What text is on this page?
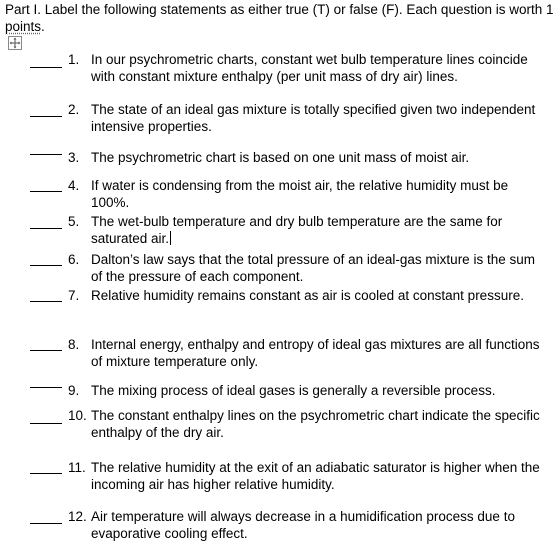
Part I. Label the following statements as either true (T) or false (F). Each question is worth 1 points.

1. In our psychrometric charts, constant wet bulb temperature lines coincide with constant mixture enthalpy (per unit mass of dry air) lines.
2. The state of an ideal gas mixture is totally specified given two independent intensive properties.
3. The psychrometric chart is based on one unit mass of moist air.
4. If water is condensing from the moist air, the relative humidity must be 100%.
5. The wet-bulb temperature and dry bulb temperature are the same for saturated air.
6. Dalton’s law says that the total pressure of an ideal-gas mixture is the sum of the pressure of each component.
7. Relative humidity remains constant as air is cooled at constant pressure.
8. Internal energy, enthalpy and entropy of ideal gas mixtures are all functions of mixture temperature only.
9. The mixing process of ideal gases is generally a reversible process.
10. The constant enthalpy lines on the psychrometric chart indicate the specific enthalpy of the dry air.
11. The relative humidity at the exit of an adiabatic saturator is higher when the incoming air has higher relative humidity.
12. Air temperature will always decrease in a humidification process due to evaporative cooling effect.
